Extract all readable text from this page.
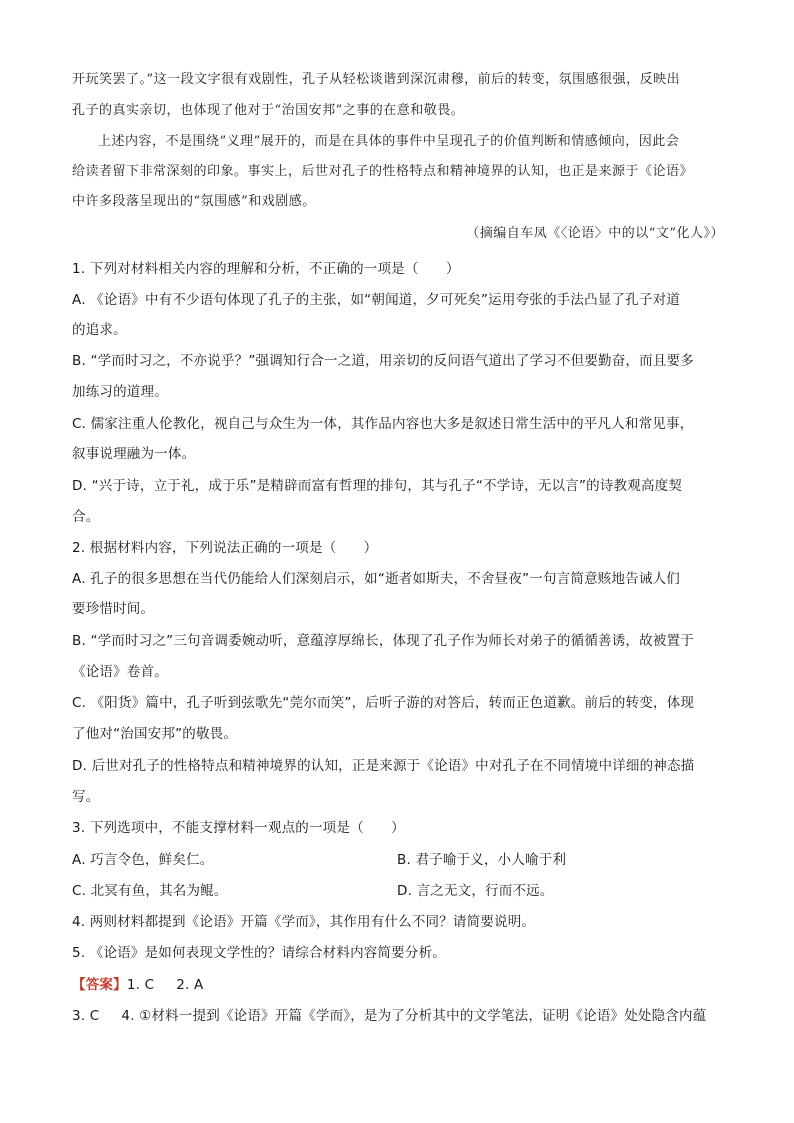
开玩笑罢了。”这一段文字很有戏剧性，孔子从轻松谈谐到深沉肃穆，前后的转变，氛围感很强，反映出
孔子的真实亲切，也体现了他对于“治国安邦”之事的在意和敬畏。
上述内容，不是围绕“义理”展开的，而是在具体的事件中呈现孔子的价值判断和情感倾向，因此会
给读者留下非常深刻的印象。事实上，后世对孔子的性格特点和精神境界的认知，也正是来源于《论语》
中许多段落呈现出的“氛围感”和戏剧感。
（摘编自车凤《〈论语〉中的以“文”化人》）
1. 下列对材料相关内容的理解和分析，不正确的一项是（　　）
A. 《论语》中有不少语句体现了孔子的主张，如“朝闻道，夕可死矣”运用夸张的手法凸显了孔子对道
的追求。
B. “学而时习之，不亦说乎？”强调知行合一之道，用亲切的反问语气道出了学习不但要勤奋，而且要多
加练习的道理。
C. 儒家注重人伦教化，视自己与众生为一体，其作品内容也大多是叙述日常生活中的平凡人和常见事，
叙事说理融为一体。
D. “兴于诗，立于礼，成于乐”是精辟而富有哲理的排句，其与孔子“不学诗，无以言”的诗教观高度契
合。
2. 根据材料内容，下列说法正确的一项是（　　）
A. 孔子的很多思想在当代仍能给人们深刻启示，如“逝者如斯夫，不舍昼夜”一句言简意赅地告诫人们
要珍惜时间。
B. “学而时习之”三句音调委婉动听，意蕴淳厚绵长，体现了孔子作为师长对弟子的循循善诱，故被置于
《论语》卷首。
C. 《阳货》篇中，孔子听到弦歌先“莞尔而笑”，后听子游的对答后，转而正色道歉。前后的转变，体现
了他对“治国安邦”的敬畏。
D. 后世对孔子的性格特点和精神境界的认知，正是来源于《论语》中对孔子在不同情境中详细的神态描
写。
3. 下列选项中，不能支撑材料一观点的一项是（　　）
A. 巧言令色，鲜矣仁。	B. 君子喻于义，小人喻于利
C. 北冥有鱼，其名为鲲。	D. 言之无文，行而不远。
4. 两则材料都提到《论语》开篇《学而》，其作用有什么不同？请简要说明。
5. 《论语》是如何表现文学性的？请综合材料内容简要分析。
【答案】1. C 2. A
3. C 4. ①材料一提到《论语》开篇《学而》，是为了分析其中的文学笔法，证明《论语》处处隐含内蕴
